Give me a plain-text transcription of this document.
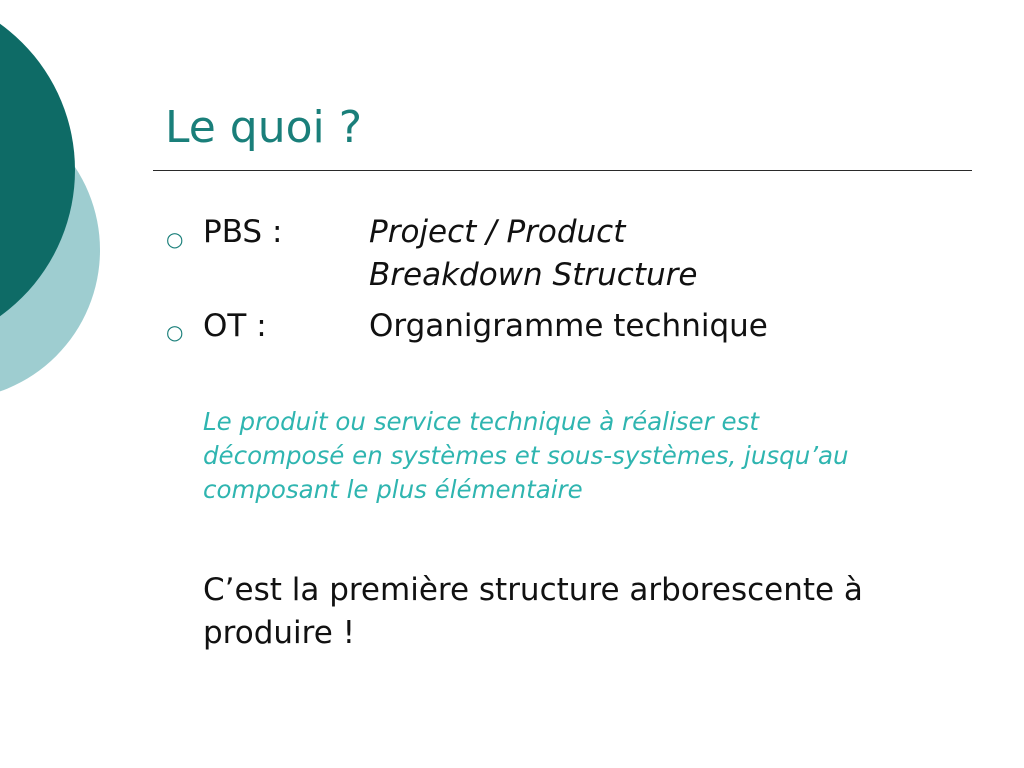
Le quoi ?
○ PBS :	Project / Product
Breakdown Structure
○ OT :	Organigramme technique
Le produit ou service technique à réaliser est
décomposé en systèmes et sous-systèmes, jusqu’au
composant le plus élémentaire
C’est la première structure arborescente à
produire !
